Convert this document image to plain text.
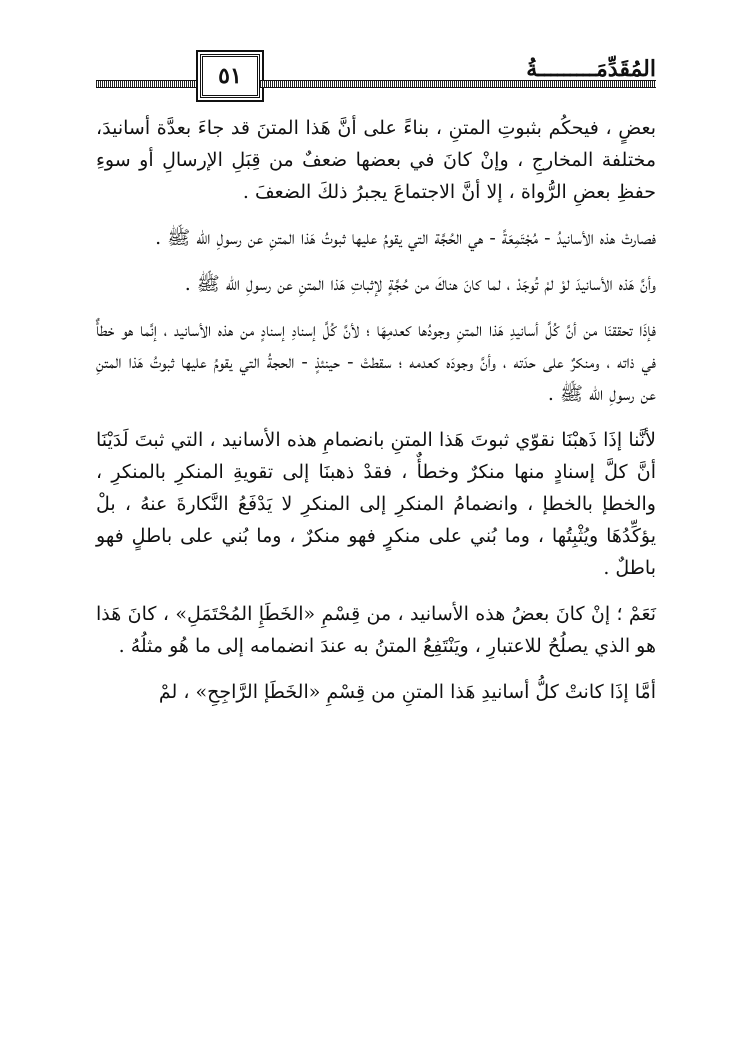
٥١	المُقَدِّمَـــــــــةُ

بعضٍ ، فيحكُم بثبوتِ المتنِ ، بناءً على أنَّ هَذا المتنَ قد جاءَ بعدَّة أسانيدَ، مختلفة المخارجِ ، وإنْ كانَ في بعضها ضعفٌ من قِبَلِ الإرسالِ أو سوءِ حفظِ بعضِ الرُّواة ، إلا أنَّ الاجتماعَ يجبرُ ذلكَ الضعفَ .

فصارتْ هذه الأسانيدُ - مُجْتَمِعَةً - هي الحُجَّة التي يقومُ عليها ثبوتُ هَذا المتنِ عن رسولِ الله ﷺ .

وأنَّ هَذه الأسانيدَ لوْ لمْ تُوجَدْ ، لما كانَ هناكَ من حُجَّةٍ لإثباتِ هَذا المتنِ عن رسولِ الله ﷺ .

فإذَا تحققنَا من أنَّ كُلَّ أسانيدِ هَذا المتنِ وجودُها كعدمِهَا ؛ لأنَّ كُلَّ إسنادِ إسنادٍ من هذه الأسانيد ، إنَّما هو خطأٌ في ذاته ، ومنكرٌ على حدَته ، وأنَّ وجودَه كعدمه ؛ سقطتْ - حينئذٍ - الحجةُ التي يقومُ عليها ثبوتُ هَذا المتنِ عن رسولِ الله ﷺ .

لأنَّنا إذَا ذَهبْنَا نقوّي ثبوتَ هَذا المتنِ بانضمامِ هذه الأسانيد ، التي ثبتَ لَدَيْنَا أنَّ كلَّ إسنادٍ منها منكرٌ وخطأٌ ، فقدْ ذهبنَا إلى تقويةِ المنكرِ بالمنكرِ ، والخطإ بالخطإ ، وانضمامُ المنكرِ إلى المنكرِ لا يَدْفَعُ النَّكارةَ عنهُ ، بلْ يؤكِّدُهَا ويُثْبِتُها ، وما بُني على منكرٍ فهو منكرٌ ، وما بُني على باطلٍ فهو باطلٌ .

نَعَمْ ؛ إنْ كانَ بعضُ هذه الأسانيد ، من قِسْمِ «الخَطَإِ المُحْتَمَلِ» ، كانَ هَذا هو الذي يصلُحُ للاعتبارِ ، ويَنْتَفِعُ المتنُ به عندَ انضمامه إلى ما هُو مثلُهُ .

أمَّا إذَا كانتْ كلُّ أسانيدِ هَذا المتنِ من قِسْمِ «الخَطَإ الرَّاجِحِ» ، لمْ
